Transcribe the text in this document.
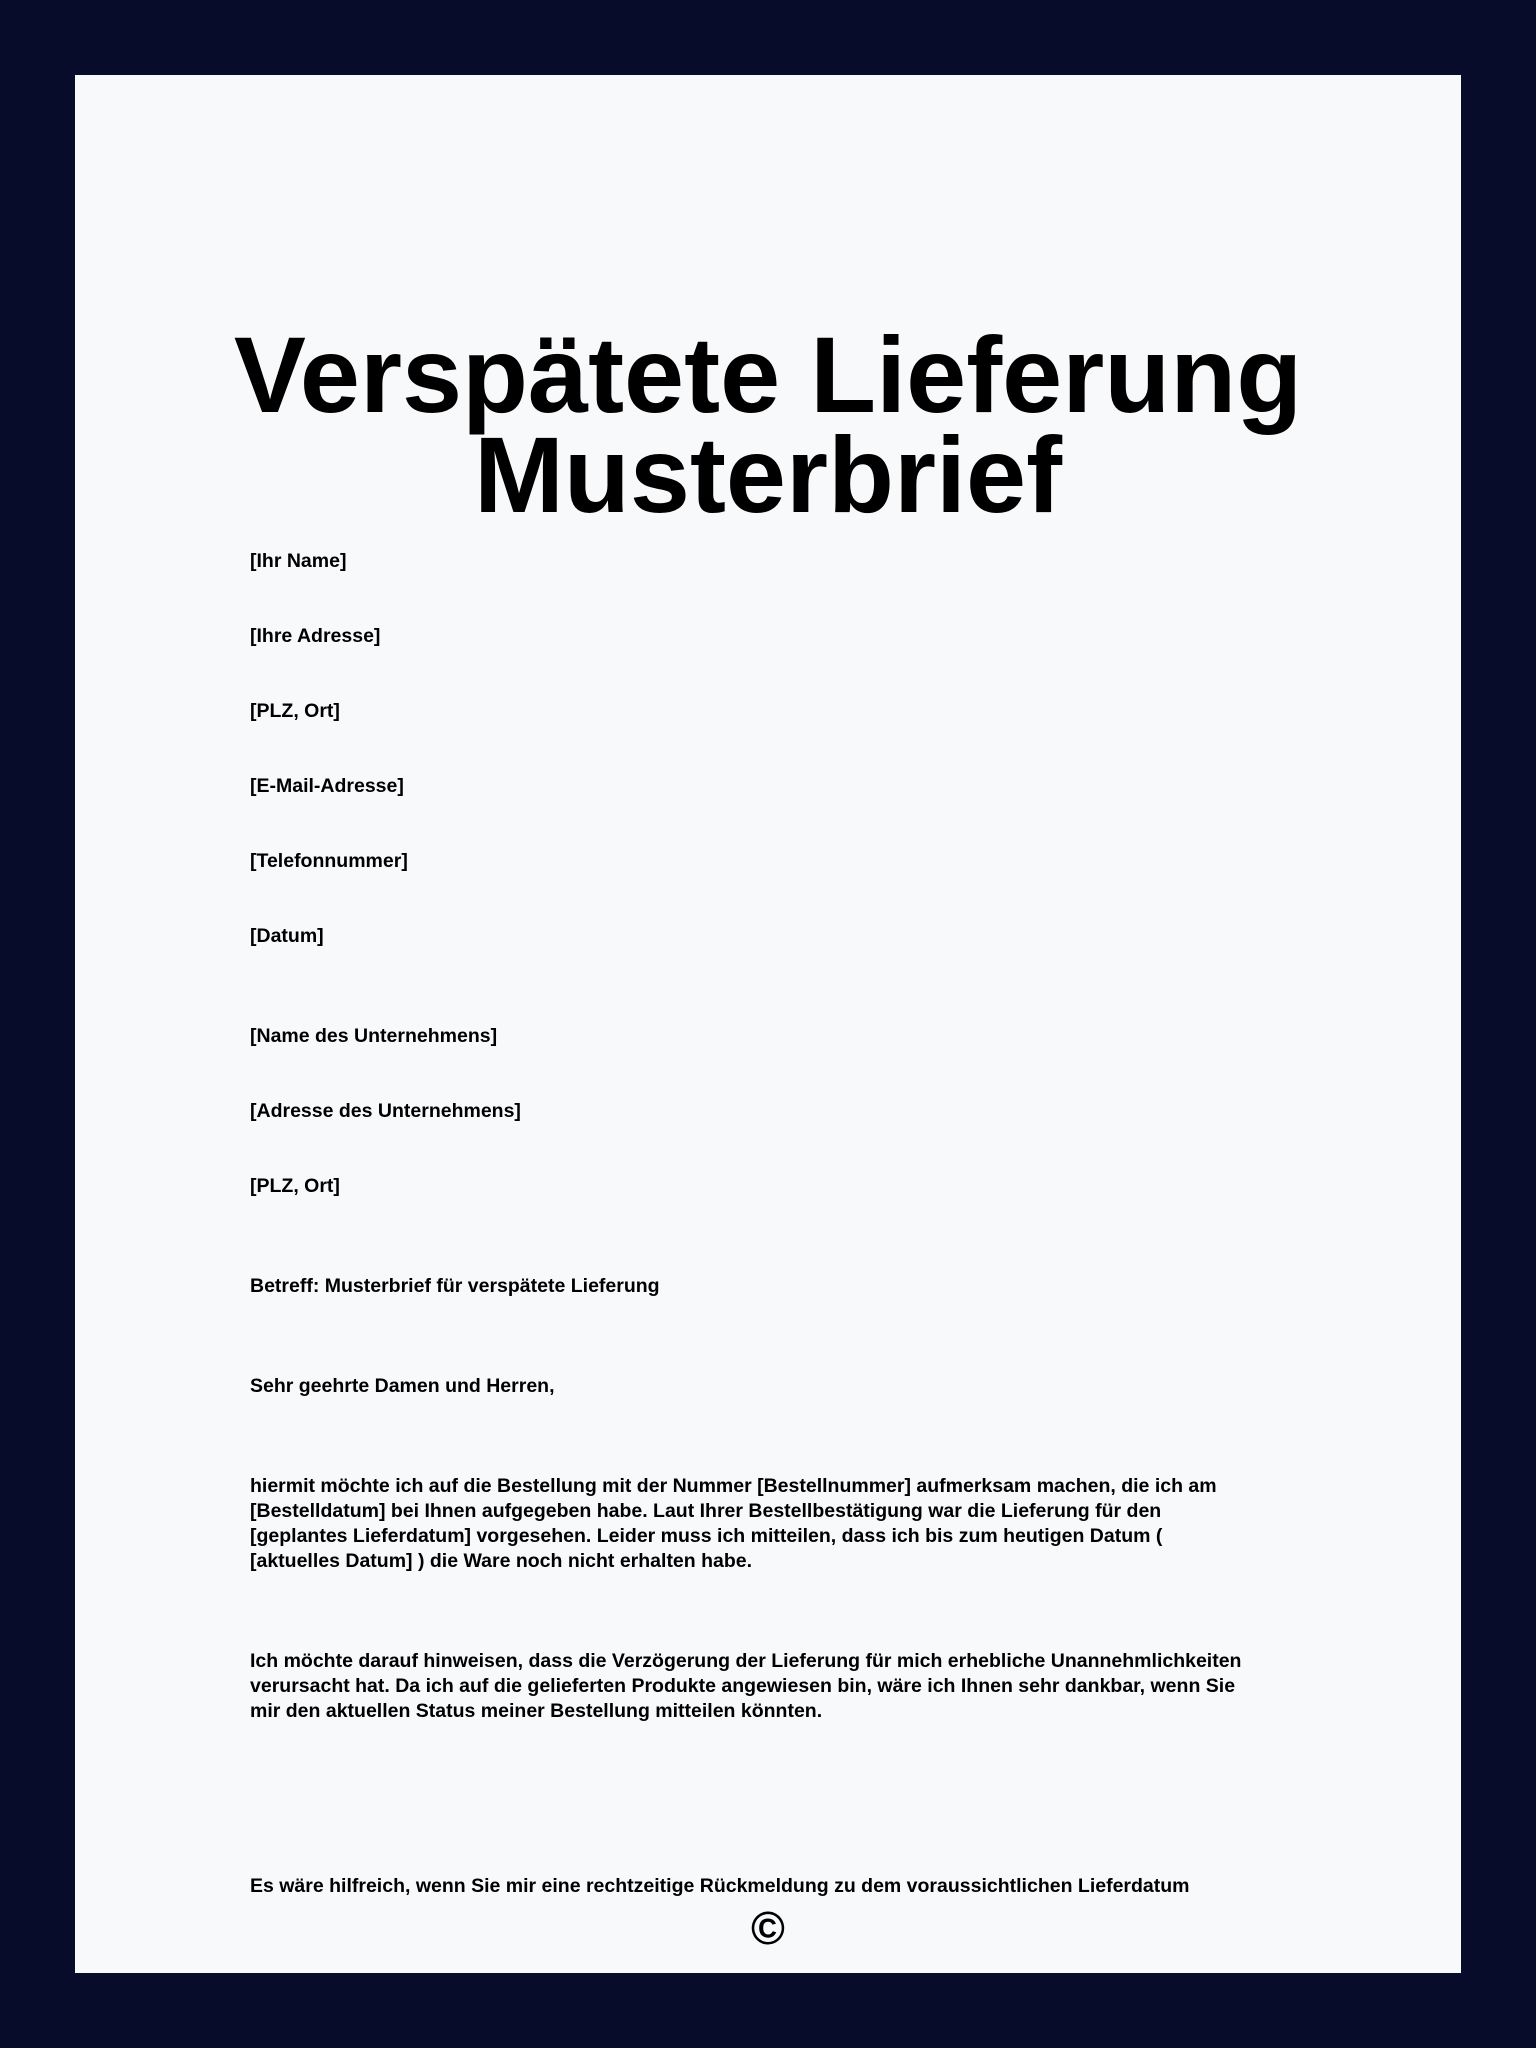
Verspätete Lieferung
Musterbrief

[Ihr Name]

[Ihre Adresse]

[PLZ, Ort]

[E-Mail-Adresse]

[Telefonnummer]

[Datum]

[Name des Unternehmens]

[Adresse des Unternehmens]

[PLZ, Ort]

Betreff: Musterbrief für verspätete Lieferung

Sehr geehrte Damen und Herren,

hiermit möchte ich auf die Bestellung mit der Nummer [Bestellnummer] aufmerksam machen, die ich am
[Bestelldatum] bei Ihnen aufgegeben habe. Laut Ihrer Bestellbestätigung war die Lieferung für den
[geplantes Lieferdatum] vorgesehen. Leider muss ich mitteilen, dass ich bis zum heutigen Datum (
[aktuelles Datum] ) die Ware noch nicht erhalten habe.
Ich möchte darauf hinweisen, dass die Verzögerung der Lieferung für mich erhebliche Unannehmlichkeiten
verursacht hat. Da ich auf die gelieferten Produkte angewiesen bin, wäre ich Ihnen sehr dankbar, wenn Sie
mir den aktuellen Status meiner Bestellung mitteilen könnten.
Es wäre hilfreich, wenn Sie mir eine rechtzeitige Rückmeldung zu dem voraussichtlichen Lieferdatum
©
